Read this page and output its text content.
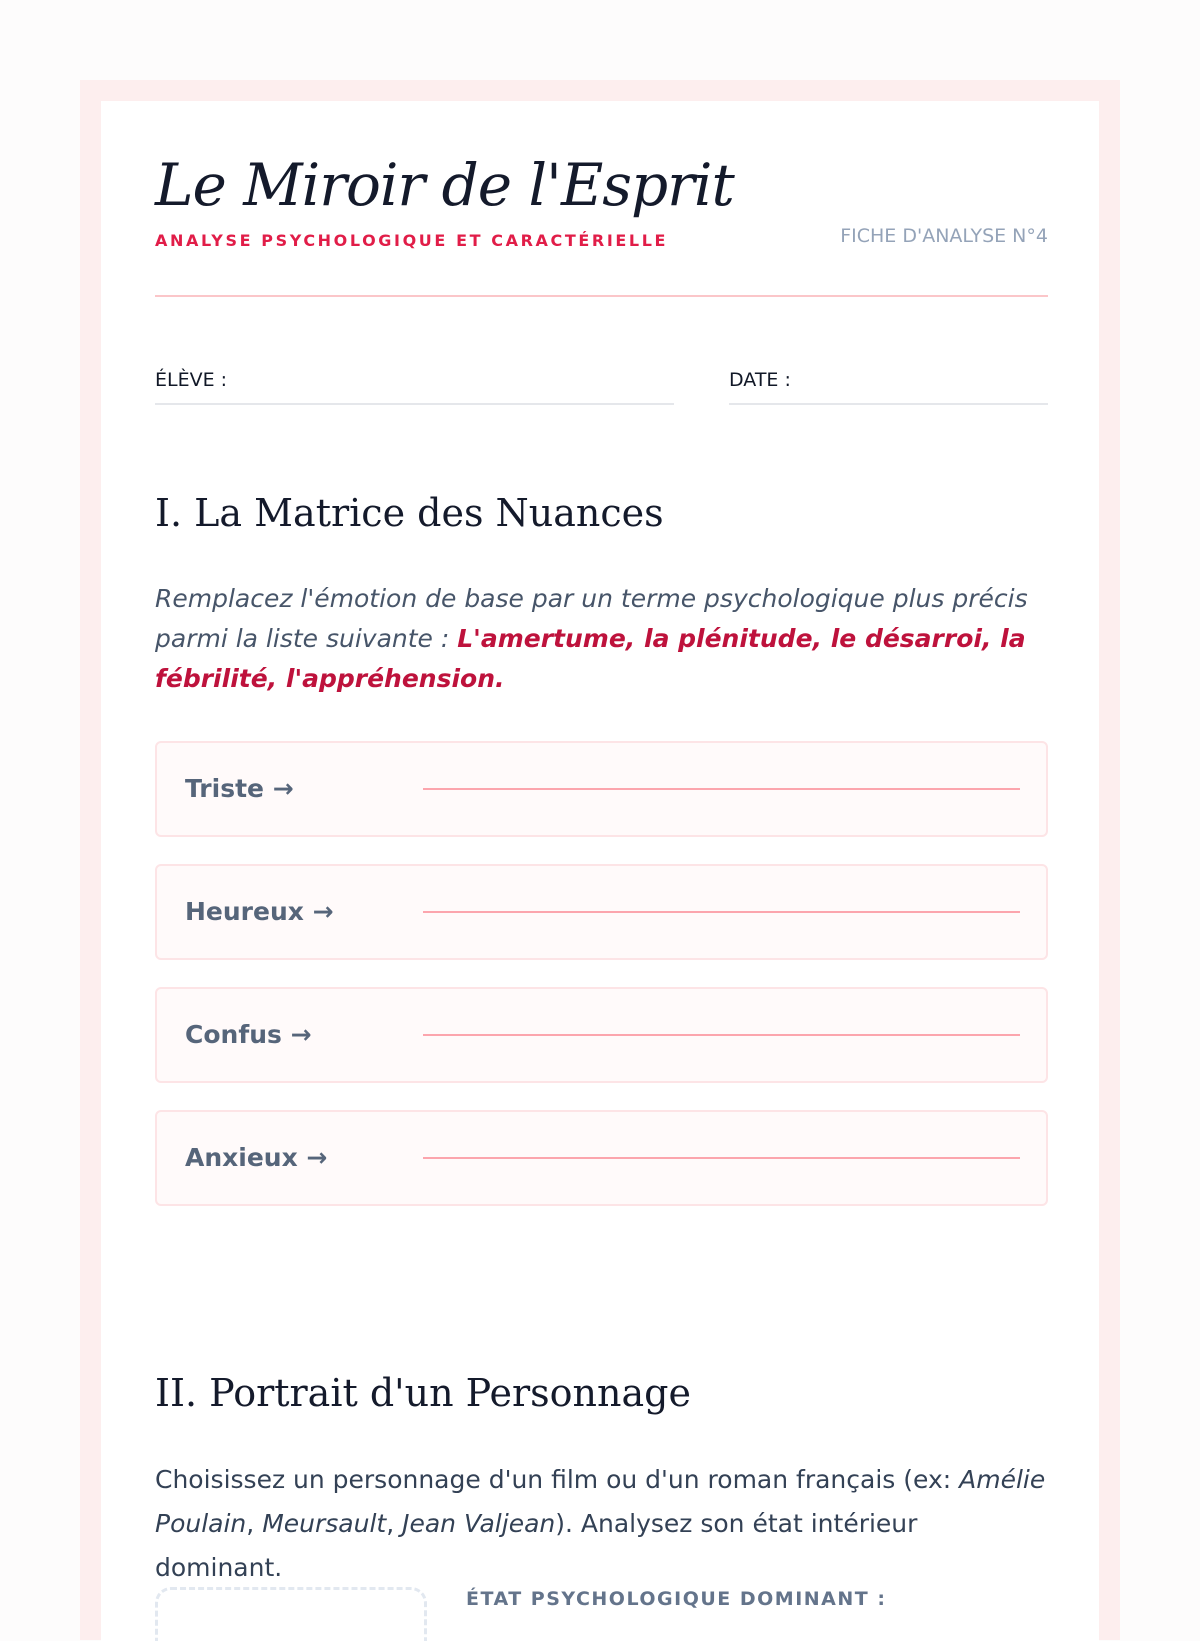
Le Miroir de l'Esprit
ANALYSE PSYCHOLOGIQUE ET CARACTÉRIELLE	FICHE D'ANALYSE N°4
ÉLÈVE :	DATE :
I. La Matrice des Nuances
Remplacez l'émotion de base par un terme psychologique plus précis parmi la liste suivante : L'amertume, la plénitude, le désarroi, la fébrilité, l'appréhension.
Triste →
Heureux →
Confus →
Anxieux →
II. Portrait d'un Personnage
Choisissez un personnage d'un film ou d'un roman français (ex: Amélie Poulain, Meursault, Jean Valjean). Analysez son état intérieur dominant.
ÉTAT PSYCHOLOGIQUE DOMINANT :
